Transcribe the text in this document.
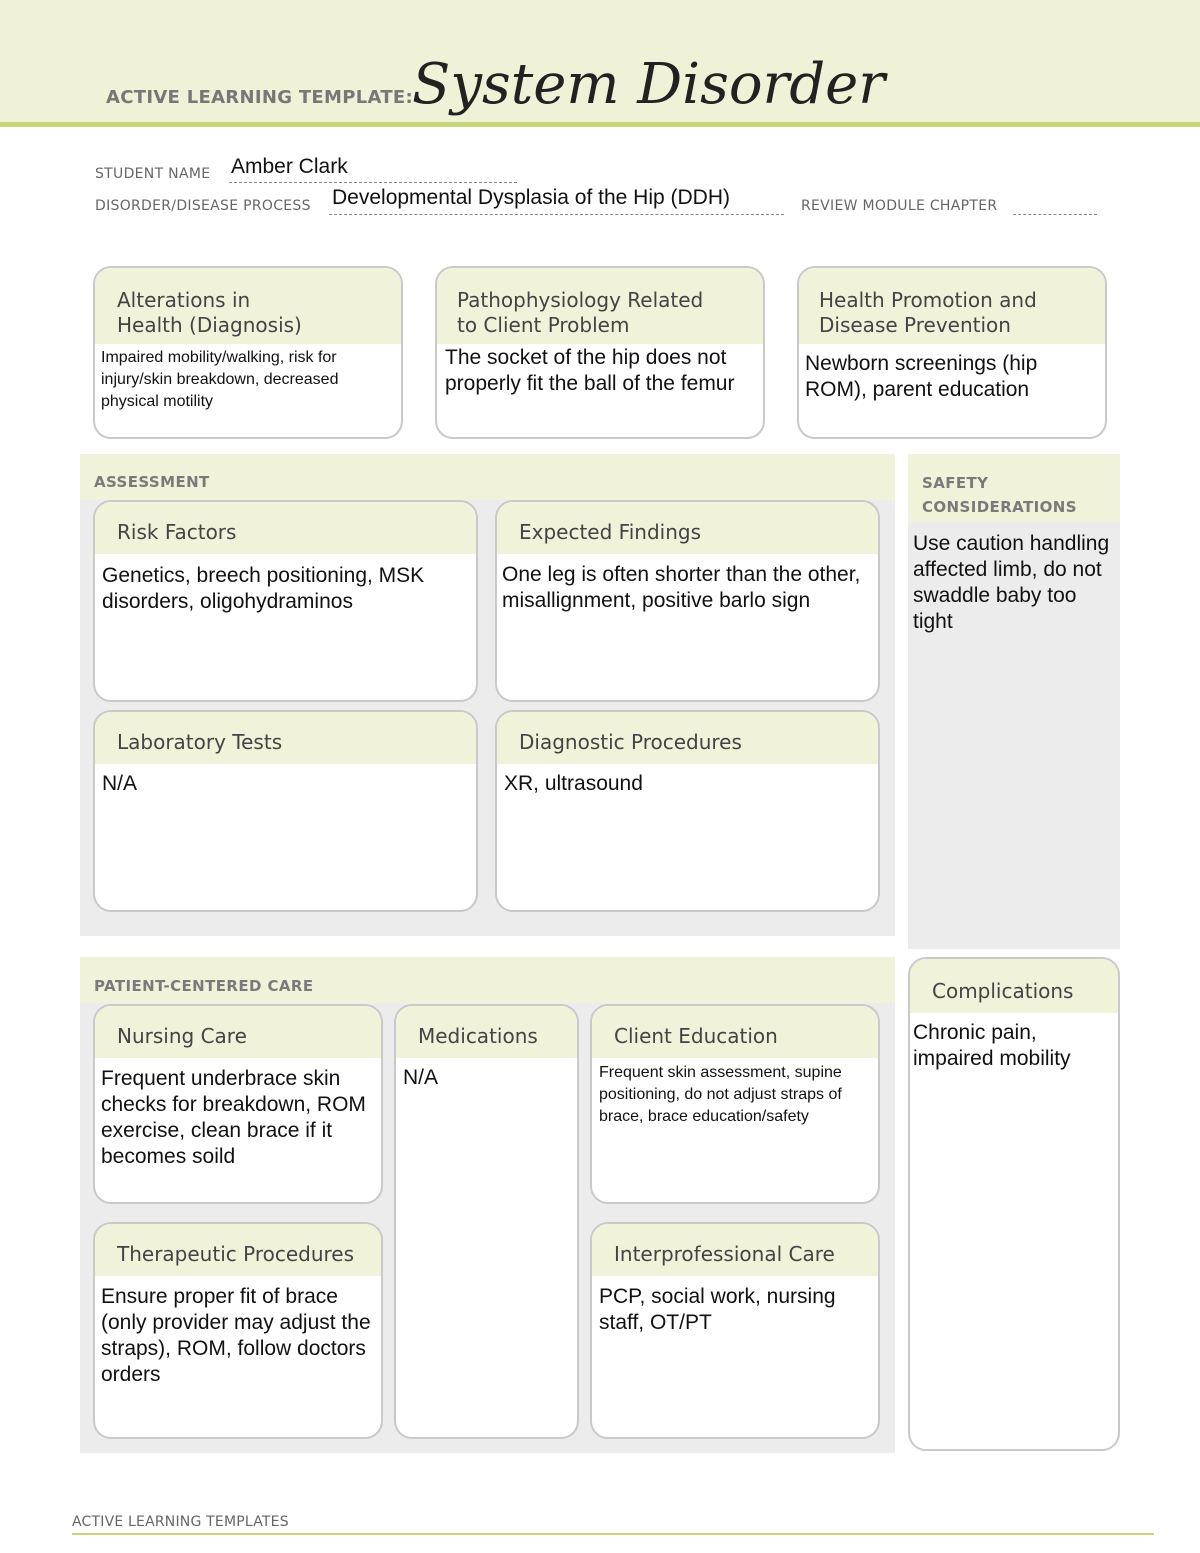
ACTIVE LEARNING TEMPLATE: System Disorder
STUDENT NAME Amber Clark
DISORDER/DISEASE PROCESS Developmental Dysplasia of the Hip (DDH)	REVIEW MODULE CHAPTER
Alterations in
Health (Diagnosis)
Impaired mobility/walking, risk for injury/skin breakdown, decreased physical motility
Pathophysiology Related
to Client Problem
The socket of the hip does not properly fit the ball of the femur
Health Promotion and
Disease Prevention
Newborn screenings (hip ROM), parent education
ASSESSMENT
Risk Factors
Genetics, breech positioning, MSK disorders, oligohydraminos
Expected Findings
One leg is often shorter than the other, misallignment, positive barlo sign
Laboratory Tests
N/A
Diagnostic Procedures
XR, ultrasound
SAFETY
CONSIDERATIONS
Use caution handling affected limb, do not swaddle baby too tight
PATIENT-CENTERED CARE
Nursing Care
Frequent underbrace skin checks for breakdown, ROM exercise, clean brace if it becomes soild
Medications
N/A
Client Education
Frequent skin assessment, supine positioning, do not adjust straps of brace, brace education/safety
Therapeutic Procedures
Ensure proper fit of brace (only provider may adjust the straps), ROM, follow doctors orders
Interprofessional Care
PCP, social work, nursing staff, OT/PT
Complications
Chronic pain, impaired mobility
ACTIVE LEARNING TEMPLATES
